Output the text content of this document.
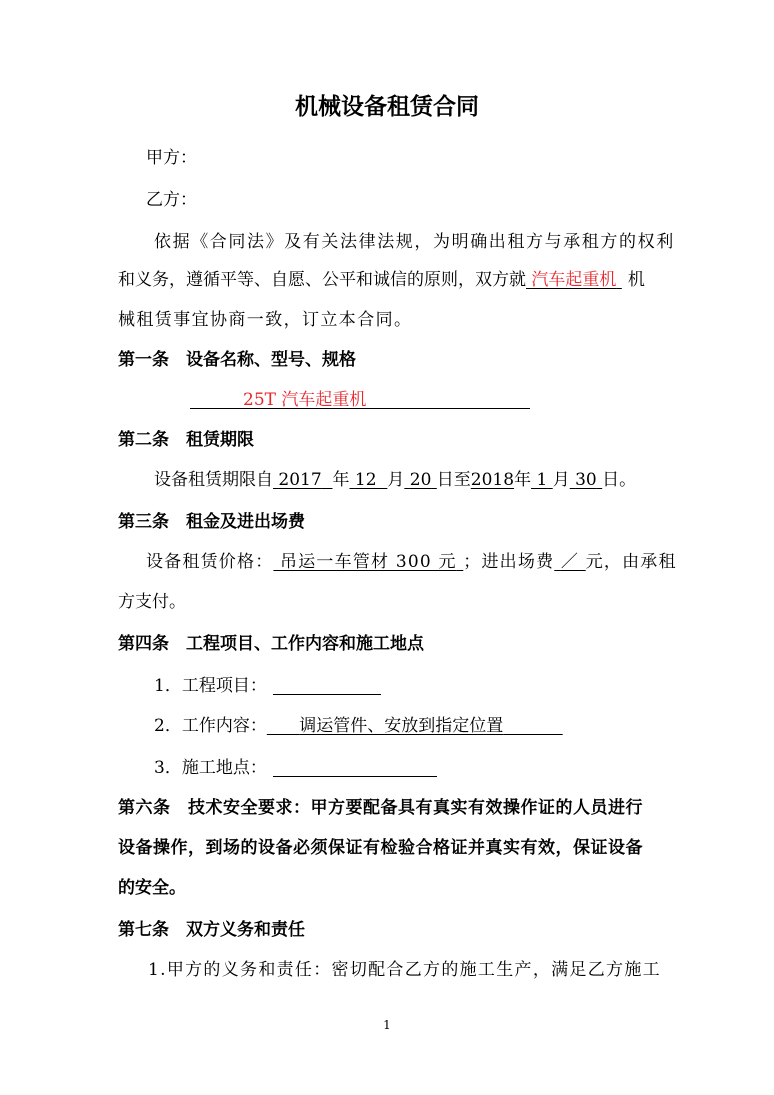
机械设备租赁合同
甲方：
乙方：
依据《合同法》及有关法律法规，为明确出租方与承租方的权利
和义务，遵循平等、自愿、公平和诚信的原则，双方就 汽车起重机 机
械租赁事宜协商一致，订立本合同。
第一条　设备名称、型号、规格
25T 汽车起重机
第二条　租赁期限
设备租赁期限自 2017 年 12 月 20 日至2018年 1 月 30 日。
第三条　租金及进出场费
设备租赁价格： 吊运一车管材 300 元 ；进出场费 ／ 元，由承租
方支付。
第四条　工程项目、工作内容和施工地点
1．工程项目：
2．工作内容： 调运管件、安放到指定位置
3．施工地点：
第六条　技术安全要求：甲方要配备具有真实有效操作证的人员进行
设备操作，到场的设备必须保证有检验合格证并真实有效，保证设备
的安全。
第七条　双方义务和责任
1.甲方的义务和责任：密切配合乙方的施工生产，满足乙方施工
1
